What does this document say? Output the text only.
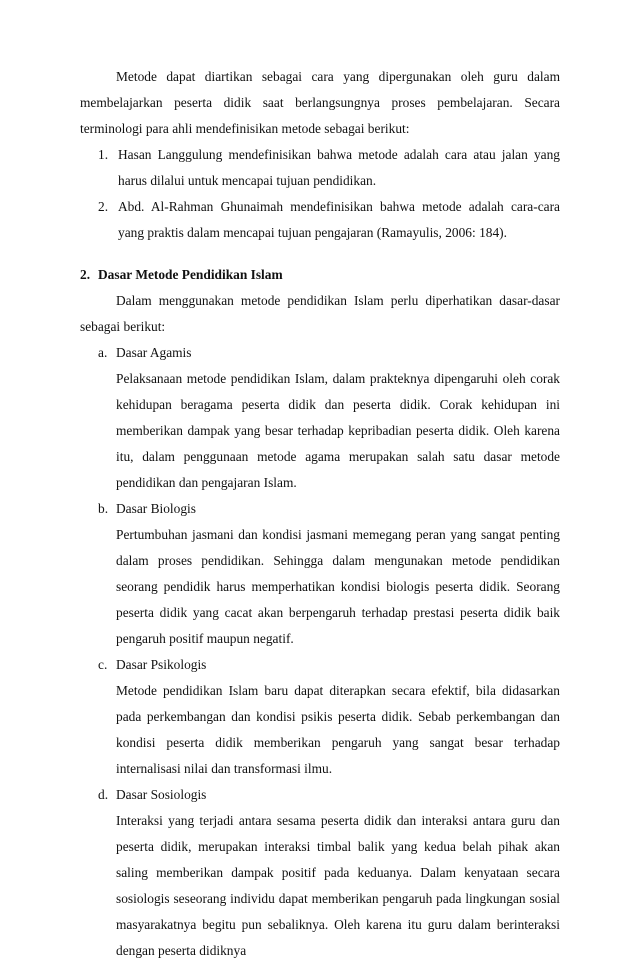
Metode dapat diartikan sebagai cara yang dipergunakan oleh guru dalam membelajarkan peserta didik saat berlangsungnya proses pembelajaran. Secara terminologi para ahli mendefinisikan metode sebagai berikut:

1. Hasan Langgulung mendefinisikan bahwa metode adalah cara atau jalan yang harus dilalui untuk mencapai tujuan pendidikan.

2. Abd. Al-Rahman Ghunaimah mendefinisikan bahwa metode adalah cara-cara yang praktis dalam mencapai tujuan pengajaran (Ramayulis, 2006: 184).

2. Dasar Metode Pendidikan Islam

Dalam menggunakan metode pendidikan Islam perlu diperhatikan dasar-dasar sebagai berikut:

a. Dasar Agamis

Pelaksanaan metode pendidikan Islam, dalam prakteknya dipengaruhi oleh corak kehidupan beragama peserta didik dan peserta didik. Corak kehidupan ini memberikan dampak yang besar terhadap kepribadian peserta didik. Oleh karena itu, dalam penggunaan metode agama merupakan salah satu dasar metode pendidikan dan pengajaran Islam.

b. Dasar Biologis

Pertumbuhan jasmani dan kondisi jasmani memegang peran yang sangat penting dalam proses pendidikan. Sehingga dalam mengunakan metode pendidikan seorang pendidik harus memperhatikan kondisi biologis peserta didik. Seorang peserta didik yang cacat akan berpengaruh terhadap prestasi peserta didik baik pengaruh positif maupun negatif.

c. Dasar Psikologis

Metode pendidikan Islam baru dapat diterapkan secara efektif, bila didasarkan pada perkembangan dan kondisi psikis peserta didik. Sebab perkembangan dan kondisi peserta didik memberikan pengaruh yang sangat besar terhadap internalisasi nilai dan transformasi ilmu.

d. Dasar Sosiologis

Interaksi yang terjadi antara sesama peserta didik dan interaksi antara guru dan peserta didik, merupakan interaksi timbal balik yang kedua belah pihak akan saling memberikan dampak positif pada keduanya. Dalam kenyataan secara sosiologis seseorang individu dapat memberikan pengaruh pada lingkungan sosial masyarakatnya begitu pun sebaliknya. Oleh karena itu guru dalam berinteraksi dengan peserta didiknya
